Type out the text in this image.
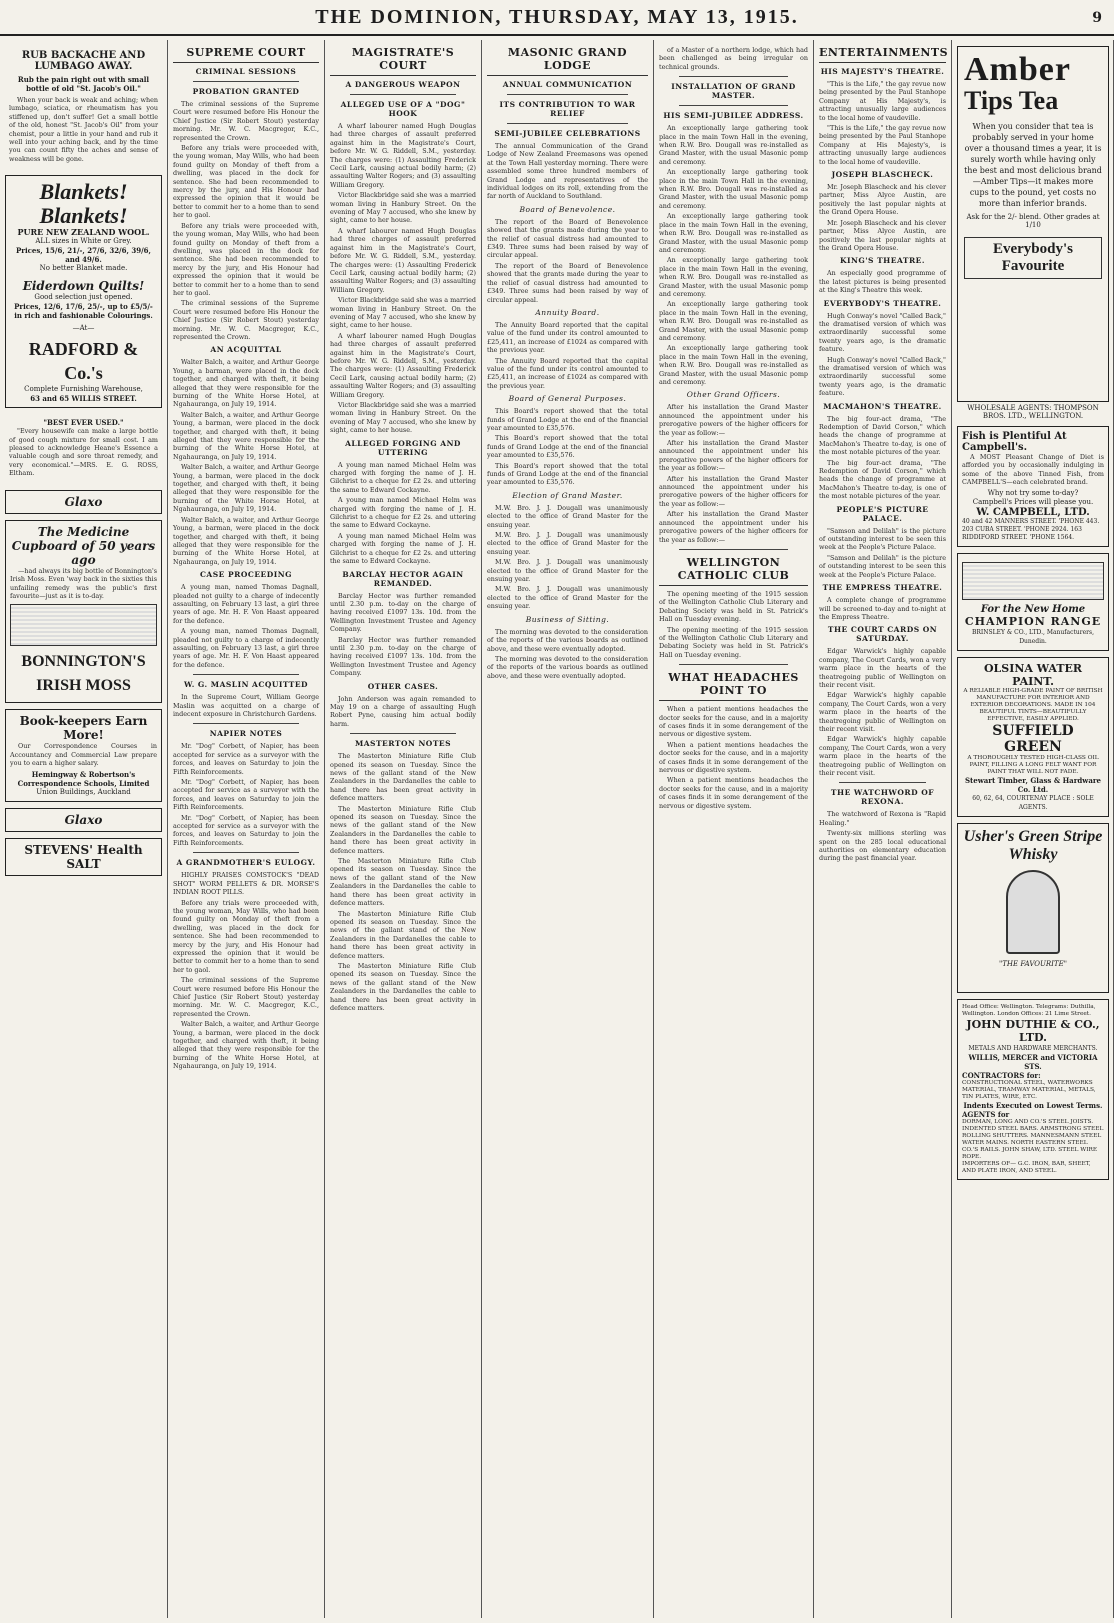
THE DOMINION, THURSDAY, MAY 13, 1915.	9
RUB BACKACHE AND LUMBAGO AWAY.
Rub the pain right out with small bottle of old "St. Jacob's Oil."

When your back is weak and aching; when lumbago, sciatica, or rheumatism has you stiffened up, don't suffer! Get a small bottle of the old, honest "St. Jacob's Oil" from your chemist, pour a little in your hand and rub it well into your aching back, and by the time you can count fifty the aches and sense of weakness will be gone.

Blankets!
Blankets!
PURE NEW ZEALAND WOOL.
ALL sizes in White or Grey.
Prices, 15/6, 21/-, 27/6, 32/6, 39/6, and 49/6.
No better Blanket made.
Eiderdown Quilts!
Good selection just opened.
Prices, 12/6, 17/6, 25/-, up to £5/5/- in rich and fashionable Colourings.
—At—
RADFORD & Co.'s
Complete Furnishing Warehouse,
63 and 65 WILLIS STREET.
"BEST EVER USED."

"Every housewife can make a large bottle of good cough mixture for small cost. I am pleased to acknowledge Heane's Essence a valuable cough and sore throat remedy, and very economical."—MRS. E. G. ROSS, Eltham.

Glaxo
The Medicine Cupboard of 50 years ago

—had always its big bottle of Bonnington's Irish Moss. Even 'way back in the sixties this unfailing remedy was the public's first favourite—just as it is to-day.

BONNINGTON'S IRISH MOSS
Book-keepers Earn More!

Our Correspondence Courses in Accountancy and Commercial Law prepare you to earn a higher salary.

Hemingway & Robertson's Correspondence Schools, Limited
Union Buildings, Auckland
Glaxo
STEVENS' Health SALT
SUPREME COURT
CRIMINAL SESSIONS
PROBATION GRANTED

The criminal sessions of the Supreme Court were resumed before His Honour the Chief Justice (Sir Robert Stout) yesterday morning. Mr. W. C. Macgregor, K.C., represented the Crown.

Before any trials were proceeded with, the young woman, May Wills, who had been found guilty on Monday of theft from a dwelling, was placed in the dock for sentence. She had been recommended to mercy by the jury, and His Honour had expressed the opinion that it would be better to commit her to a home than to send her to gaol.

Before any trials were proceeded with, the young woman, May Wills, who had been found guilty on Monday of theft from a dwelling, was placed in the dock for sentence. She had been recommended to mercy by the jury, and His Honour had expressed the opinion that it would be better to commit her to a home than to send her to gaol.

The criminal sessions of the Supreme Court were resumed before His Honour the Chief Justice (Sir Robert Stout) yesterday morning. Mr. W. C. Macgregor, K.C., represented the Crown.

AN ACQUITTAL

Walter Balch, a waiter, and Arthur George Young, a barman, were placed in the dock together, and charged with theft, it being alleged that they were responsible for the burning of the White Horse Hotel, at Ngahauranga, on July 19, 1914.

Walter Balch, a waiter, and Arthur George Young, a barman, were placed in the dock together, and charged with theft, it being alleged that they were responsible for the burning of the White Horse Hotel, at Ngahauranga, on July 19, 1914.

Walter Balch, a waiter, and Arthur George Young, a barman, were placed in the dock together, and charged with theft, it being alleged that they were responsible for the burning of the White Horse Hotel, at Ngahauranga, on July 19, 1914.

Walter Balch, a waiter, and Arthur George Young, a barman, were placed in the dock together, and charged with theft, it being alleged that they were responsible for the burning of the White Horse Hotel, at Ngahauranga, on July 19, 1914.

CASE PROCEEDING

A young man, named Thomas Dagnall, pleaded not guilty to a charge of indecently assaulting, on February 13 last, a girl three years of age. Mr. H. F. Von Haast appeared for the defence.

A young man, named Thomas Dagnall, pleaded not guilty to a charge of indecently assaulting, on February 13 last, a girl three years of age. Mr. H. F. Von Haast appeared for the defence.

W. G. MASLIN ACQUITTED

In the Supreme Court, William George Maslin was acquitted on a charge of indecent exposure in Christchurch Gardens.

NAPIER NOTES

Mr. "Dog" Corbett, of Napier, has been accepted for service as a surveyor with the forces, and leaves on Saturday to join the Fifth Reinforcements.

Mr. "Dog" Corbett, of Napier, has been accepted for service as a surveyor with the forces, and leaves on Saturday to join the Fifth Reinforcements.

Mr. "Dog" Corbett, of Napier, has been accepted for service as a surveyor with the forces, and leaves on Saturday to join the Fifth Reinforcements.

A GRANDMOTHER'S EULOGY.

HIGHLY PRAISES COMSTOCK'S "DEAD SHOT" WORM PELLETS & DR. MORSE'S INDIAN ROOT PILLS.

Before any trials were proceeded with, the young woman, May Wills, who had been found guilty on Monday of theft from a dwelling, was placed in the dock for sentence. She had been recommended to mercy by the jury, and His Honour had expressed the opinion that it would be better to commit her to a home than to send her to gaol.

The criminal sessions of the Supreme Court were resumed before His Honour the Chief Justice (Sir Robert Stout) yesterday morning. Mr. W. C. Macgregor, K.C., represented the Crown.

Walter Balch, a waiter, and Arthur George Young, a barman, were placed in the dock together, and charged with theft, it being alleged that they were responsible for the burning of the White Horse Hotel, at Ngahauranga, on July 19, 1914.

MAGISTRATE'S COURT
A DANGEROUS WEAPON
ALLEGED USE OF A "DOG" HOOK

A wharf labourer named Hugh Douglas had three charges of assault preferred against him in the Magistrate's Court, before Mr. W. G. Riddell, S.M., yesterday. The charges were: (1) Assaulting Frederick Cecil Lark, causing actual bodily harm; (2) assaulting Walter Rogers; and (3) assaulting William Gregory.

Victor Blackbridge said she was a married woman living in Hanbury Street. On the evening of May 7 accused, who she knew by sight, came to her house.

A wharf labourer named Hugh Douglas had three charges of assault preferred against him in the Magistrate's Court, before Mr. W. G. Riddell, S.M., yesterday. The charges were: (1) Assaulting Frederick Cecil Lark, causing actual bodily harm; (2) assaulting Walter Rogers; and (3) assaulting William Gregory.

Victor Blackbridge said she was a married woman living in Hanbury Street. On the evening of May 7 accused, who she knew by sight, came to her house.

A wharf labourer named Hugh Douglas had three charges of assault preferred against him in the Magistrate's Court, before Mr. W. G. Riddell, S.M., yesterday. The charges were: (1) Assaulting Frederick Cecil Lark, causing actual bodily harm; (2) assaulting Walter Rogers; and (3) assaulting William Gregory.

Victor Blackbridge said she was a married woman living in Hanbury Street. On the evening of May 7 accused, who she knew by sight, came to her house.

ALLEGED FORGING AND UTTERING

A young man named Michael Helm was charged with forging the name of J. H. Gilchrist to a cheque for £2 2s. and uttering the same to Edward Cockayne.

A young man named Michael Helm was charged with forging the name of J. H. Gilchrist to a cheque for £2 2s. and uttering the same to Edward Cockayne.

A young man named Michael Helm was charged with forging the name of J. H. Gilchrist to a cheque for £2 2s. and uttering the same to Edward Cockayne.

BARCLAY HECTOR AGAIN REMANDED.

Barclay Hector was further remanded until 2.30 p.m. to-day on the charge of having received £1097 13s. 10d. from the Wellington Investment Trustee and Agency Company.

Barclay Hector was further remanded until 2.30 p.m. to-day on the charge of having received £1097 13s. 10d. from the Wellington Investment Trustee and Agency Company.

OTHER CASES.

John Anderson was again remanded to May 19 on a charge of assaulting Hugh Robert Pyne, causing him actual bodily harm.

MASTERTON NOTES

The Masterton Miniature Rifle Club opened its season on Tuesday. Since the news of the gallant stand of the New Zealanders in the Dardanelles the cable to hand there has been great activity in defence matters.

The Masterton Miniature Rifle Club opened its season on Tuesday. Since the news of the gallant stand of the New Zealanders in the Dardanelles the cable to hand there has been great activity in defence matters.

The Masterton Miniature Rifle Club opened its season on Tuesday. Since the news of the gallant stand of the New Zealanders in the Dardanelles the cable to hand there has been great activity in defence matters.

The Masterton Miniature Rifle Club opened its season on Tuesday. Since the news of the gallant stand of the New Zealanders in the Dardanelles the cable to hand there has been great activity in defence matters.

The Masterton Miniature Rifle Club opened its season on Tuesday. Since the news of the gallant stand of the New Zealanders in the Dardanelles the cable to hand there has been great activity in defence matters.

MASONIC GRAND LODGE
ANNUAL COMMUNICATION
ITS CONTRIBUTION TO WAR RELIEF
SEMI-JUBILEE CELEBRATIONS

The annual Communication of the Grand Lodge of New Zealand Freemasons was opened at the Town Hall yesterday morning. There were assembled some three hundred members of Grand Lodge and representatives of the individual lodges on its roll, extending from the far north of Auckland to Southland.

Board of Benevolence.

The report of the Board of Benevolence showed that the grants made during the year to the relief of casual distress had amounted to £349. Three sums had been raised by way of circular appeal.

The report of the Board of Benevolence showed that the grants made during the year to the relief of casual distress had amounted to £349. Three sums had been raised by way of circular appeal.

Annuity Board.

The Annuity Board reported that the capital value of the fund under its control amounted to £25,411, an increase of £1024 as compared with the previous year.

The Annuity Board reported that the capital value of the fund under its control amounted to £25,411, an increase of £1024 as compared with the previous year.

Board of General Purposes.

This Board's report showed that the total funds of Grand Lodge at the end of the financial year amounted to £35,576.

This Board's report showed that the total funds of Grand Lodge at the end of the financial year amounted to £35,576.

This Board's report showed that the total funds of Grand Lodge at the end of the financial year amounted to £35,576.

Election of Grand Master.

M.W. Bro. J. J. Dougall was unanimously elected to the office of Grand Master for the ensuing year.

M.W. Bro. J. J. Dougall was unanimously elected to the office of Grand Master for the ensuing year.

M.W. Bro. J. J. Dougall was unanimously elected to the office of Grand Master for the ensuing year.

M.W. Bro. J. J. Dougall was unanimously elected to the office of Grand Master for the ensuing year.

Business of Sitting.

The morning was devoted to the consideration of the reports of the various boards as outlined above, and these were eventually adopted.

The morning was devoted to the consideration of the reports of the various boards as outlined above, and these were eventually adopted.

of a Master of a northern lodge, which had been challenged as being irregular on technical grounds.

INSTALLATION OF GRAND MASTER.
HIS SEMI-JUBILEE ADDRESS.

An exceptionally large gathering took place in the main Town Hall in the evening, when R.W. Bro. Dougall was re-installed as Grand Master, with the usual Masonic pomp and ceremony.

An exceptionally large gathering took place in the main Town Hall in the evening, when R.W. Bro. Dougall was re-installed as Grand Master, with the usual Masonic pomp and ceremony.

An exceptionally large gathering took place in the main Town Hall in the evening, when R.W. Bro. Dougall was re-installed as Grand Master, with the usual Masonic pomp and ceremony.

An exceptionally large gathering took place in the main Town Hall in the evening, when R.W. Bro. Dougall was re-installed as Grand Master, with the usual Masonic pomp and ceremony.

An exceptionally large gathering took place in the main Town Hall in the evening, when R.W. Bro. Dougall was re-installed as Grand Master, with the usual Masonic pomp and ceremony.

An exceptionally large gathering took place in the main Town Hall in the evening, when R.W. Bro. Dougall was re-installed as Grand Master, with the usual Masonic pomp and ceremony.

Other Grand Officers.

After his installation the Grand Master announced the appointment under his prerogative powers of the higher officers for the year as follow:—

After his installation the Grand Master announced the appointment under his prerogative powers of the higher officers for the year as follow:—

After his installation the Grand Master announced the appointment under his prerogative powers of the higher officers for the year as follow:—

After his installation the Grand Master announced the appointment under his prerogative powers of the higher officers for the year as follow:—

WELLINGTON CATHOLIC CLUB

The opening meeting of the 1915 session of the Wellington Catholic Club Literary and Debating Society was held in St. Patrick's Hall on Tuesday evening.

The opening meeting of the 1915 session of the Wellington Catholic Club Literary and Debating Society was held in St. Patrick's Hall on Tuesday evening.

WHAT HEADACHES POINT TO

When a patient mentions headaches the doctor seeks for the cause, and in a majority of cases finds it in some derangement of the nervous or digestive system.

When a patient mentions headaches the doctor seeks for the cause, and in a majority of cases finds it in some derangement of the nervous or digestive system.

When a patient mentions headaches the doctor seeks for the cause, and in a majority of cases finds it in some derangement of the nervous or digestive system.

ENTERTAINMENTS
HIS MAJESTY'S THEATRE.

"This is the Life," the gay revue now being presented by the Paul Stanhope Company at His Majesty's, is attracting unusually large audiences to the local home of vaudeville.

"This is the Life," the gay revue now being presented by the Paul Stanhope Company at His Majesty's, is attracting unusually large audiences to the local home of vaudeville.

JOSEPH BLASCHECK.

Mr. Joseph Blascheck and his clever partner, Miss Alyce Austin, are positively the last popular nights at the Grand Opera House.

Mr. Joseph Blascheck and his clever partner, Miss Alyce Austin, are positively the last popular nights at the Grand Opera House.

KING'S THEATRE.

An especially good programme of the latest pictures is being presented at the King's Theatre this week.

EVERYBODY'S THEATRE.

Hugh Conway's novel "Called Back," the dramatised version of which was extraordinarily successful some twenty years ago, is the dramatic feature.

Hugh Conway's novel "Called Back," the dramatised version of which was extraordinarily successful some twenty years ago, is the dramatic feature.

MACMAHON'S THEATRE.

The big four-act drama, "The Redemption of David Corson," which heads the change of programme at MacMahon's Theatre to-day, is one of the most notable pictures of the year.

The big four-act drama, "The Redemption of David Corson," which heads the change of programme at MacMahon's Theatre to-day, is one of the most notable pictures of the year.

PEOPLE'S PICTURE PALACE.

"Samson and Delilah" is the picture of outstanding interest to be seen this week at the People's Picture Palace.

"Samson and Delilah" is the picture of outstanding interest to be seen this week at the People's Picture Palace.

THE EMPRESS THEATRE.

A complete change of programme will be screened to-day and to-night at the Empress Theatre.

THE COURT CARDS ON SATURDAY.

Edgar Warwick's highly capable company, The Court Cards, won a very warm place in the hearts of the theatregoing public of Wellington on their recent visit.

Edgar Warwick's highly capable company, The Court Cards, won a very warm place in the hearts of the theatregoing public of Wellington on their recent visit.

Edgar Warwick's highly capable company, The Court Cards, won a very warm place in the hearts of the theatregoing public of Wellington on their recent visit.

THE WATCHWORD OF REXONA.

The watchword of Rexona is "Rapid Healing."

Twenty-six millions sterling was spent on the 285 local educational authorities on elementary education during the past financial year.

Amber
Tips Tea
When you consider that tea is probably served in your home over a thousand times a year, it is surely worth while having only the best and most delicious brand—Amber Tips—it makes more cups to the pound, yet costs no more than inferior brands.
Ask for the 2/- blend. Other grades at 1/10
Everybody's Favourite
WHOLESALE AGENTS: THOMPSON BROS. LTD., WELLINGTON.
Fish is Plentiful At Campbell's.

A MOST Pleasant Change of Diet is afforded you by occasionally indulging in some of the above Tinned Fish, from CAMPBELL'S—each celebrated brand.

Why not try some to-day?
Campbell's Prices will please you.
W. CAMPBELL, LTD.
40 and 42 MANNERS STREET. 'PHONE 443. 203 CUBA STREET. 'PHONE 2924. 163 RIDDIFORD STREET. 'PHONE 1564.
For the New Home
CHAMPION RANGE
BRINSLEY & CO., LTD., Manufacturers, Dunedin.
OLSINA WATER PAINT.
A RELIABLE HIGH-GRADE PAINT OF BRITISH MANUFACTURE FOR INTERIOR AND EXTERIOR DECORATIONS. MADE IN 104 BEAUTIFUL TINTS—BEAUTIFULLY EFFECTIVE, EASILY APPLIED.
SUFFIELD GREEN
A THOROUGHLY TESTED HIGH-CLASS OIL PAINT, FILLING A LONG FELT WANT FOR PAINT THAT WILL NOT FADE.
Stewart Timber, Glass & Hardware Co. Ltd.
60, 62, 64, COURTENAY PLACE : SOLE AGENTS.
Usher's Green Stripe Whisky
"THE FAVOURITE"
Head Office: Wellington. Telegrams: Duthilla, Wellington. London Offices: 21 Lime Street.
JOHN DUTHIE & CO., LTD.
METALS AND HARDWARE MERCHANTS.
WILLIS, MERCER and VICTORIA STS.
CONTRACTORS for:
CONSTRUCTIONAL STEEL, WATERWORKS MATERIAL, TRAMWAY MATERIAL, METALS, TIN PLATES, WIRE, ETC.
Indents Executed on Lowest Terms.
AGENTS for
DORMAN, LONG AND CO.'S STEEL JOISTS. INDENTED STEEL BARS. ARMSTRONG STEEL ROLLING SHUTTERS. MANNESMANN STEEL WATER MAINS. NORTH EASTERN STEEL CO.'S RAILS. JOHN SHAW, LTD. STEEL WIRE ROPE.
IMPORTERS OF— G.C. IRON, BAR, SHEET, AND PLATE IRON, AND STEEL.
